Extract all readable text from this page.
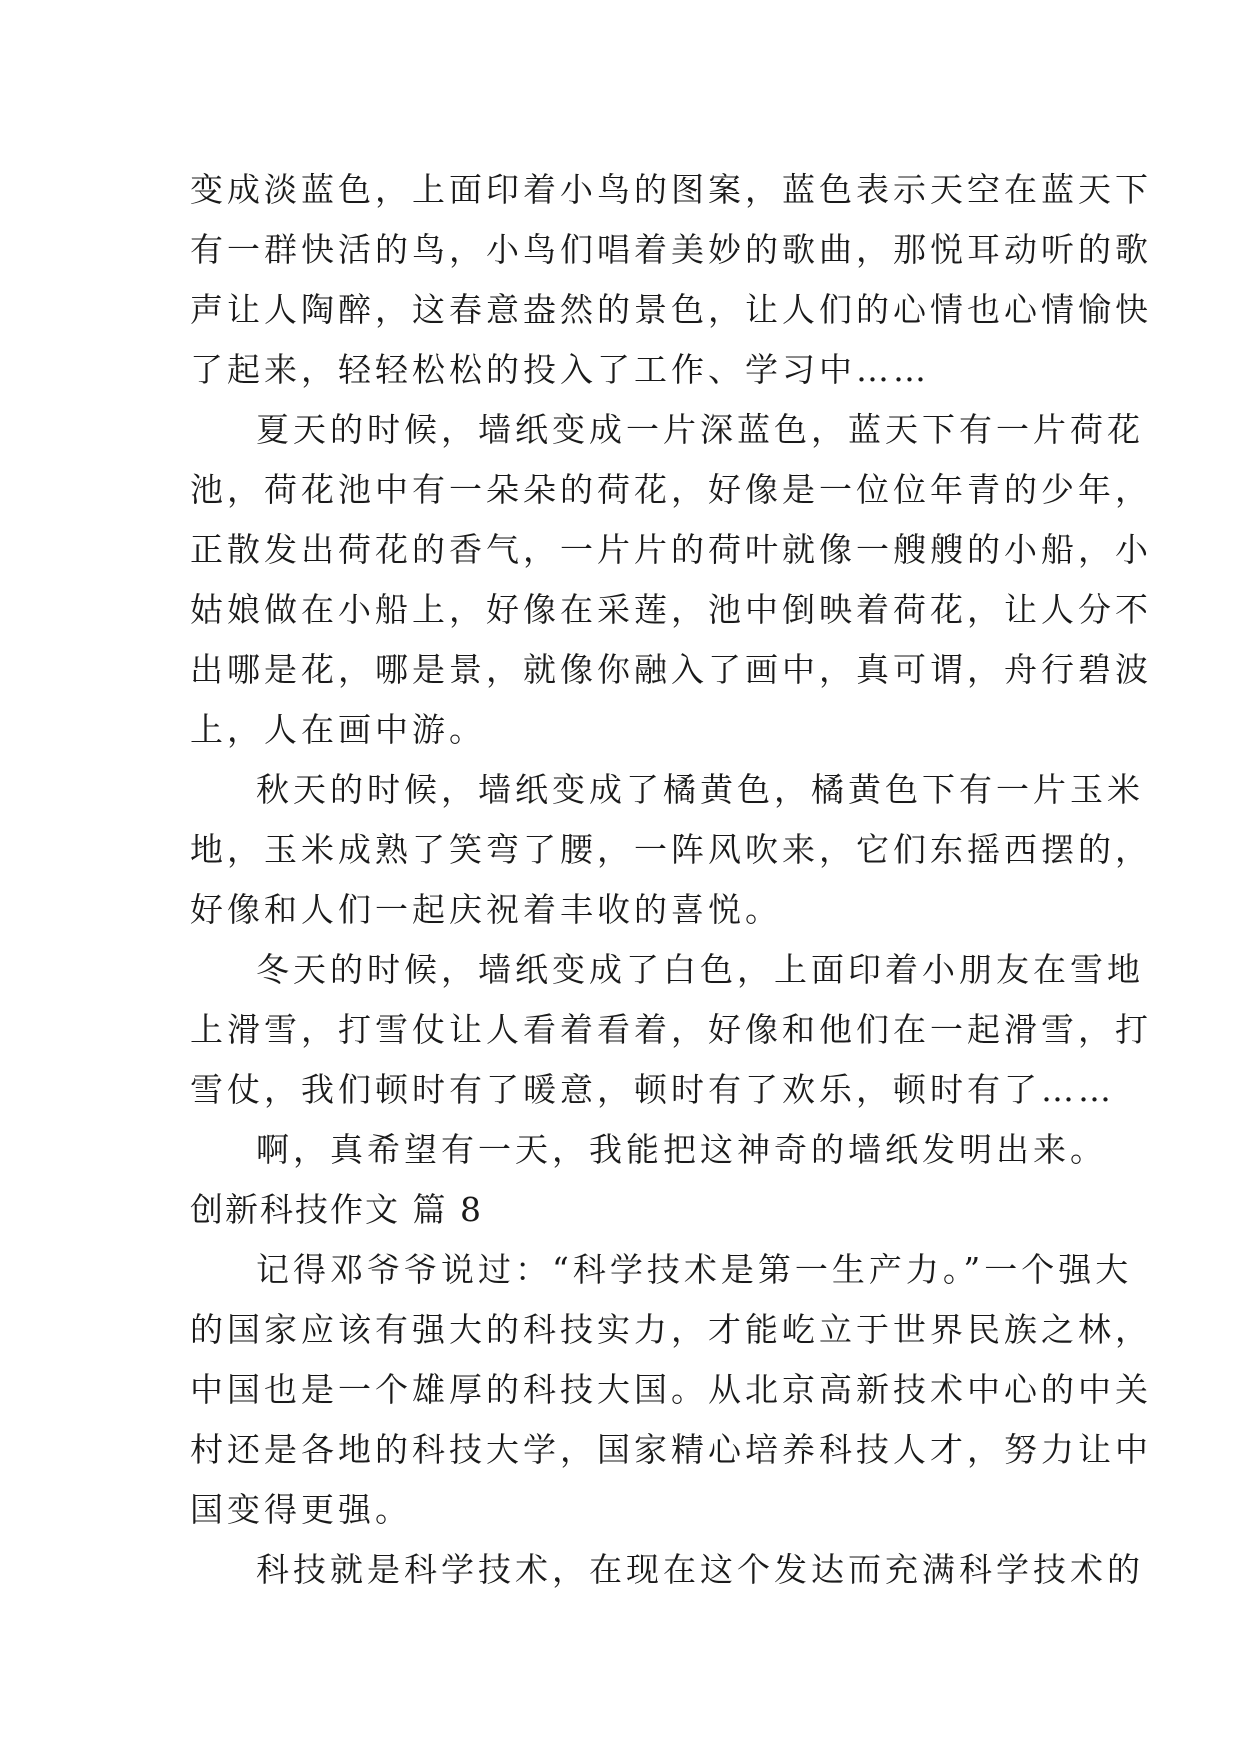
变成淡蓝色，上面印着小鸟的图案，蓝色表示天空在蓝天下
有一群快活的鸟，小鸟们唱着美妙的歌曲，那悦耳动听的歌
声让人陶醉，这春意盎然的景色，让人们的心情也心情愉快
了起来，轻轻松松的投入了工作、学习中……
夏天的时候，墙纸变成一片深蓝色，蓝天下有一片荷花
池，荷花池中有一朵朵的荷花，好像是一位位年青的少年，
正散发出荷花的香气，一片片的荷叶就像一艘艘的小船，小
姑娘做在小船上，好像在采莲，池中倒映着荷花，让人分不
出哪是花，哪是景，就像你融入了画中，真可谓，舟行碧波
上，人在画中游。
秋天的时候，墙纸变成了橘黄色，橘黄色下有一片玉米
地，玉米成熟了笑弯了腰，一阵风吹来，它们东摇西摆的，
好像和人们一起庆祝着丰收的喜悦。
冬天的时候，墙纸变成了白色，上面印着小朋友在雪地
上滑雪，打雪仗让人看着看着，好像和他们在一起滑雪，打
雪仗，我们顿时有了暖意，顿时有了欢乐，顿时有了……
啊，真希望有一天，我能把这神奇的墙纸发明出来。
创新科技作文 篇 8
记得邓爷爷说过：“科学技术是第一生产力。”一个强大
的国家应该有强大的科技实力，才能屹立于世界民族之林，
中国也是一个雄厚的科技大国。从北京高新技术中心的中关
村还是各地的科技大学，国家精心培养科技人才，努力让中
国变得更强。
科技就是科学技术，在现在这个发达而充满科学技术的
